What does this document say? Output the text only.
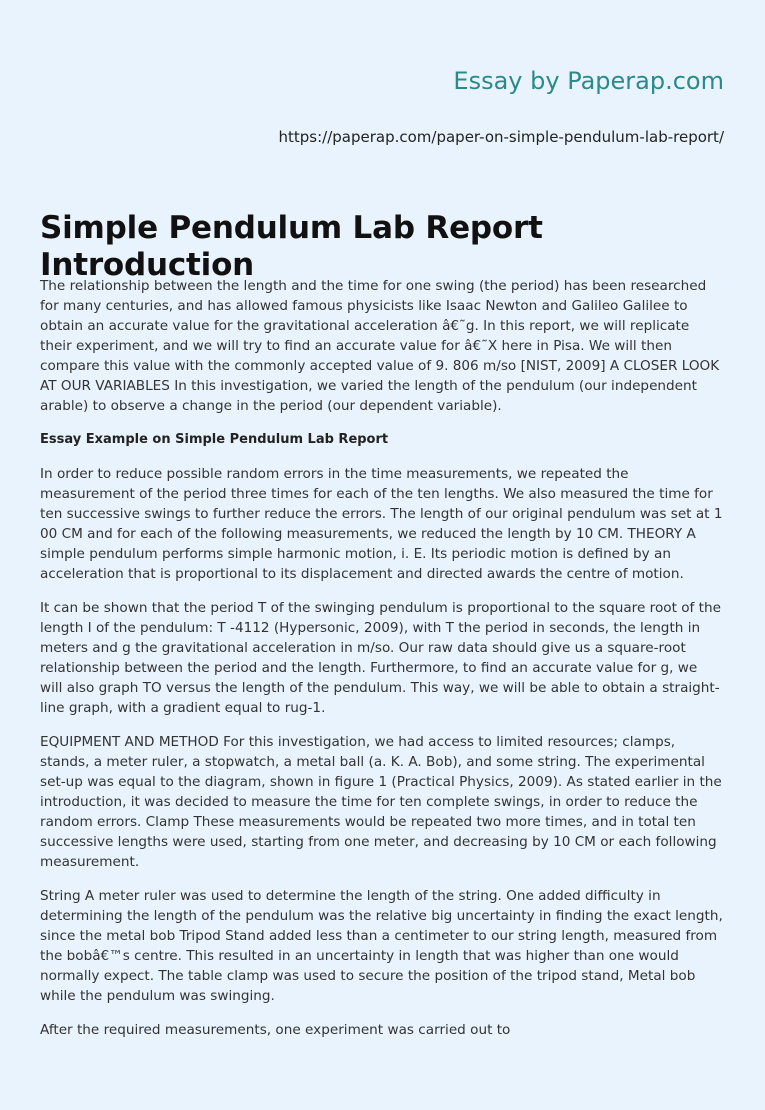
Essay by Paperap.com
https://paperap.com/paper-on-simple-pendulum-lab-report/
Simple Pendulum Lab Report Introduction

The relationship between the length and the time for one swing (the period) has been researched for many centuries, and has allowed famous physicists like Isaac Newton and Galileo Galilee to obtain an accurate value for the gravitational acceleration â€˜g. In this report, we will replicate their experiment, and we will try to find an accurate value for â€˜X here in Pisa. We will then compare this value with the commonly accepted value of 9. 806 m/so [NIST, 2009] A CLOSER LOOK AT OUR VARIABLES In this investigation, we varied the length of the pendulum (our independent arable) to observe a change in the period (our dependent variable).

Essay Example on Simple Pendulum Lab Report

In order to reduce possible random errors in the time measurements, we repeated the measurement of the period three times for each of the ten lengths. We also measured the time for ten successive swings to further reduce the errors. The length of our original pendulum was set at 1 00 CM and for each of the following measurements, we reduced the length by 10 CM. THEORY A simple pendulum performs simple harmonic motion, i. E. Its periodic motion is defined by an acceleration that is proportional to its displacement and directed awards the centre of motion.

It can be shown that the period T of the swinging pendulum is proportional to the square root of the length I of the pendulum: T -4112 (Hypersonic, 2009), with T the period in seconds, the length in meters and g the gravitational acceleration in m/so. Our raw data should give us a square-root relationship between the period and the length. Furthermore, to find an accurate value for g, we will also graph TO versus the length of the pendulum. This way, we will be able to obtain a straight-line graph, with a gradient equal to rug-1.

EQUIPMENT AND METHOD For this investigation, we had access to limited resources; clamps, stands, a meter ruler, a stopwatch, a metal ball (a. K. A. Bob), and some string. The experimental set-up was equal to the diagram, shown in figure 1 (Practical Physics, 2009). As stated earlier in the introduction, it was decided to measure the time for ten complete swings, in order to reduce the random errors. Clamp These measurements would be repeated two more times, and in total ten successive lengths were used, starting from one meter, and decreasing by 10 CM or each following measurement.

String A meter ruler was used to determine the length of the string. One added difficulty in determining the length of the pendulum was the relative big uncertainty in finding the exact length, since the metal bob Tripod Stand added less than a centimeter to our string length, measured from the bobâ€™s centre. This resulted in an uncertainty in length that was higher than one would normally expect. The table clamp was used to secure the position of the tripod stand, Metal bob while the pendulum was swinging.

After the required measurements, one experiment was carried out to
